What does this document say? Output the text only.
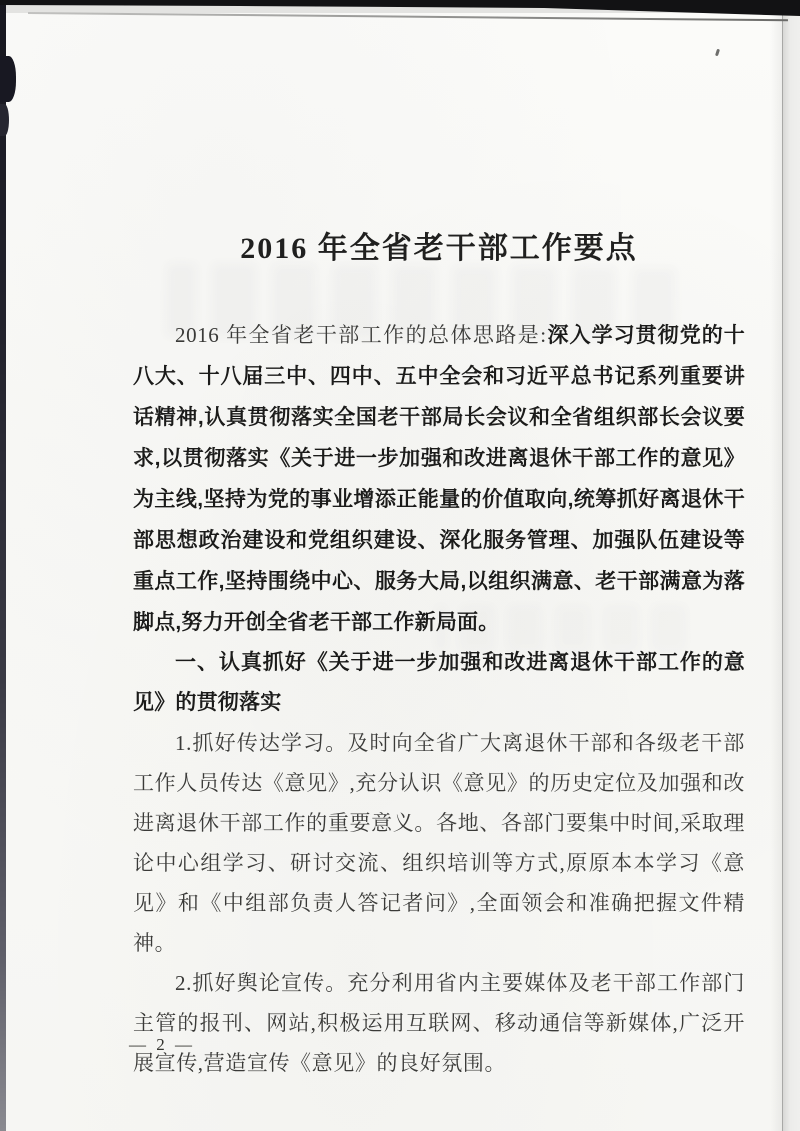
2016 年全省老干部工作要点

2016 年全省老干部工作的总体思路是:深入学习贯彻党的十八大、十八届三中、四中、五中全会和习近平总书记系列重要讲话精神,认真贯彻落实全国老干部局长会议和全省组织部长会议要求,以贯彻落实《关于进一步加强和改进离退休干部工作的意见》为主线,坚持为党的事业增添正能量的价值取向,统筹抓好离退休干部思想政治建设和党组织建设、深化服务管理、加强队伍建设等重点工作,坚持围绕中心、服务大局,以组织满意、老干部满意为落脚点,努力开创全省老干部工作新局面。

一、认真抓好《关于进一步加强和改进离退休干部工作的意见》的贯彻落实

1.抓好传达学习。及时向全省广大离退休干部和各级老干部工作人员传达《意见》,充分认识《意见》的历史定位及加强和改进离退休干部工作的重要意义。各地、各部门要集中时间,采取理论中心组学习、研讨交流、组织培训等方式,原原本本学习《意见》和《中组部负责人答记者问》,全面领会和准确把握文件精神。

2.抓好舆论宣传。充分利用省内主要媒体及老干部工作部门主管的报刊、网站,积极运用互联网、移动通信等新媒体,广泛开展宣传,营造宣传《意见》的良好氛围。

— 2 —
